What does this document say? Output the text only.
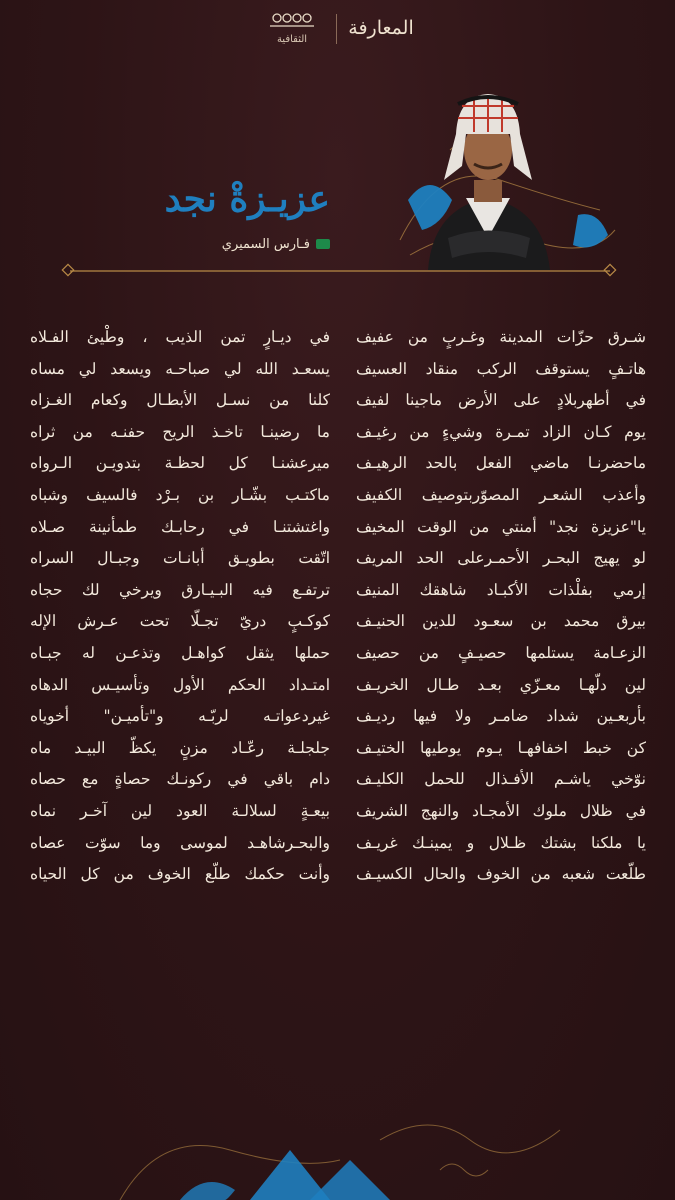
الثقافية
المعارفة
عزيـزةْ نجد
فـارس السميري
شـرق حزّات المدينة وغـربٍ من عفيف
هاتـفٍ يستوقف الركب منقاد العسيف
في أطهربلادٍ على الأرض ماجينا لفيف
يوم كـان الزاد تمـرة وشيءٍ من رغيـف
ماحضرنـا ماضي الفعل بالحد الرهيـف
وأعذب الشعـر المصوّربتوصيف الكفيف
يا"عزيزة نجد" أمنتي من الوقت المخيف
لو يهيج البحـر الأحمـرعلى الحد المريف
إرمي بفلْذات الأكبـاد شاهقك المنيف
بيرق محمد بن سعـود للدين الحنيـف
الزعـامة يستلمها حصيـفٍ من حصيف
لين دلّهـا معـزّي بعـد طـال الخريـف
بأربعـين شداد ضامـر ولا فيها رديـف
كن خبط اخفافهـا يـوم يوطيها الختيـف
نوّخي ياشـم الأفـذال للحمل الكليـف
في ظلال ملوك الأمجـاد والنهج الشريف
يا ملكنا بشتك ظـلال و يمينـك غريـف
طلّعت شعبه من الخوف والحال الكسيـف
في ديـارٍ تمن الذيب ، وطْيئ الفـلاه
يسعـد الله لي صباحـه ويسعد لي مساه
كلنا من نسـل الأبطـال وكعام الغـزاه
ما رضينـا تاخـذ الريح حفنـه من ثراه
ميرعشنـا كل لحظـة بتدويـن الـرواه
ماكتـب بشّـار بن بـرْد فالسيف وشباه
واغتشتنـا في رحابـك طمأنينة صـلاه
اتّقت بطويـق أبانـات وجبـال السراه
ترتفـع فيه البـيـارق ويرخي لك حجاه
كوكـبٍ دريّ تجـلّا تحت عـرش الإله
حملها يثقل كواهـل وتذعـن له جبـاه
امتـداد الحكم الأول وتأسيـس الدهاه
غيردعواتـه لربّـه و"تأميـن" أخوياه
جلجلـة رعّـاد مزنٍ يكظّ البيـد ماه
دام باقي في ركونـك حصاةٍ مع حصاه
بيعـةٍ لسلالـة العود لين آخـر نماه
والبحـرشاهـد لموسى وما سوّت عصاه
وأنت حكمك طلّع الخوف من كل الحياه
